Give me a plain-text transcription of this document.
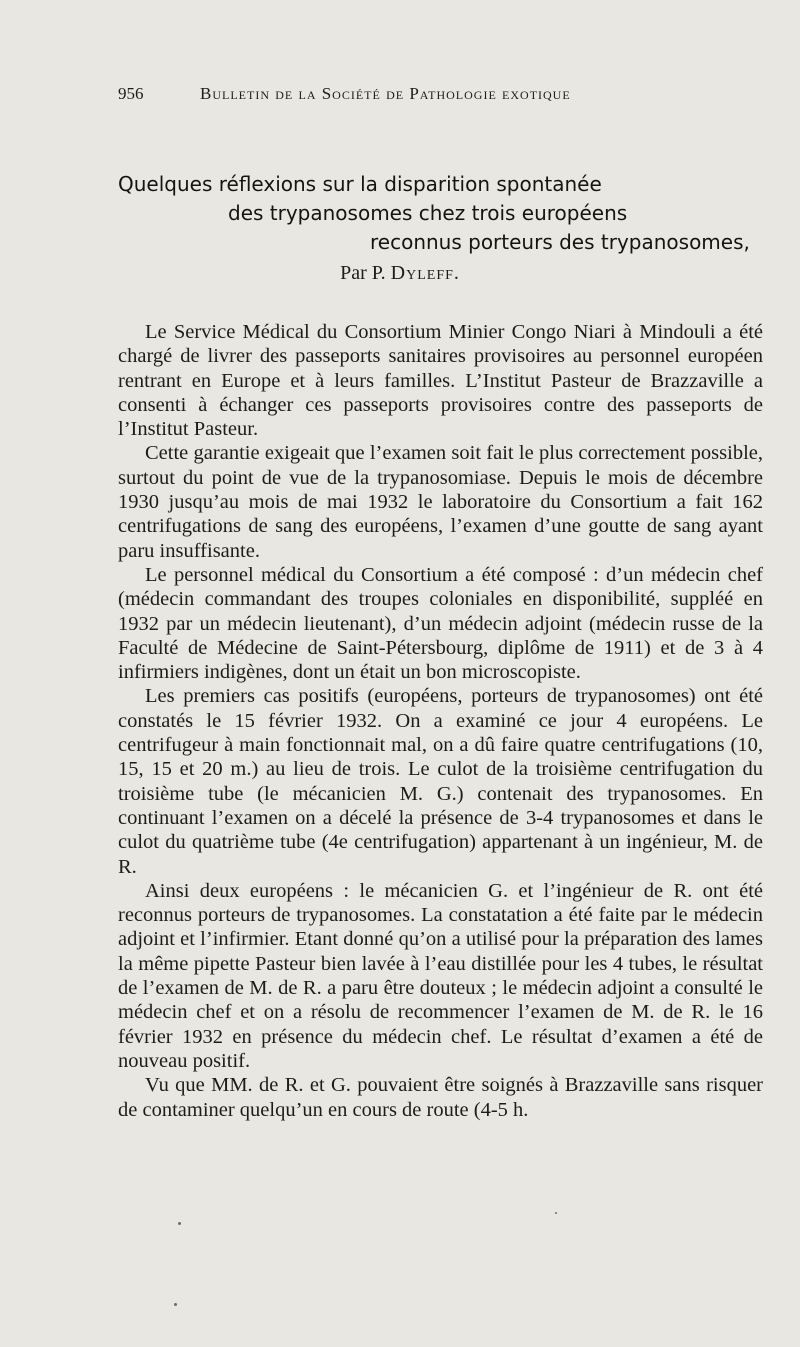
956	Bulletin de la Société de Pathologie exotique
Quelques réflexions sur la disparition spontanée
des trypanosomes chez trois européens
reconnus porteurs des trypanosomes,
Par P. Dyleff.

Le Service Médical du Consortium Minier Congo Niari à Mindouli a été chargé de livrer des passeports sanitaires provisoires au personnel européen rentrant en Europe et à leurs familles. L’Institut Pasteur de Brazzaville a consenti à échanger ces passeports provisoires contre des passeports de l’Institut Pasteur.

Cette garantie exigeait que l’examen soit fait le plus correctement possible, surtout du point de vue de la trypanosomiase. Depuis le mois de décembre 1930 jusqu’au mois de mai 1932 le laboratoire du Consortium a fait 162 centrifugations de sang des européens, l’examen d’une goutte de sang ayant paru insuffisante.

Le personnel médical du Consortium a été composé : d’un médecin chef (médecin commandant des troupes coloniales en disponibilité, suppléé en 1932 par un médecin lieutenant), d’un médecin adjoint (médecin russe de la Faculté de Médecine de Saint-Pétersbourg, diplôme de 1911) et de 3 à 4 infirmiers indigènes, dont un était un bon microscopiste.

Les premiers cas positifs (européens, porteurs de trypanosomes) ont été constatés le 15 février 1932. On a examiné ce jour 4 européens. Le centrifugeur à main fonctionnait mal, on a dû faire quatre centrifugations (10, 15, 15 et 20 m.) au lieu de trois. Le culot de la troisième centrifugation du troisième tube (le mécanicien M. G.) contenait des trypanosomes. En continuant l’examen on a décelé la présence de 3-4 trypanosomes et dans le culot du quatrième tube (4e centrifugation) appartenant à un ingénieur, M. de R.

Ainsi deux européens : le mécanicien G. et l’ingénieur de R. ont été reconnus porteurs de trypanosomes. La constatation a été faite par le médecin adjoint et l’infirmier. Etant donné qu’on a utilisé pour la préparation des lames la même pipette Pasteur bien lavée à l’eau distillée pour les 4 tubes, le résultat de l’examen de M. de R. a paru être douteux ; le médecin adjoint a consulté le médecin chef et on a résolu de recommencer l’examen de M. de R. le 16 février 1932 en présence du médecin chef. Le résultat d’examen a été de nouveau positif.

Vu que MM. de R. et G. pouvaient être soignés à Brazzaville sans risquer de contaminer quelqu’un en cours de route (4-5 h.
